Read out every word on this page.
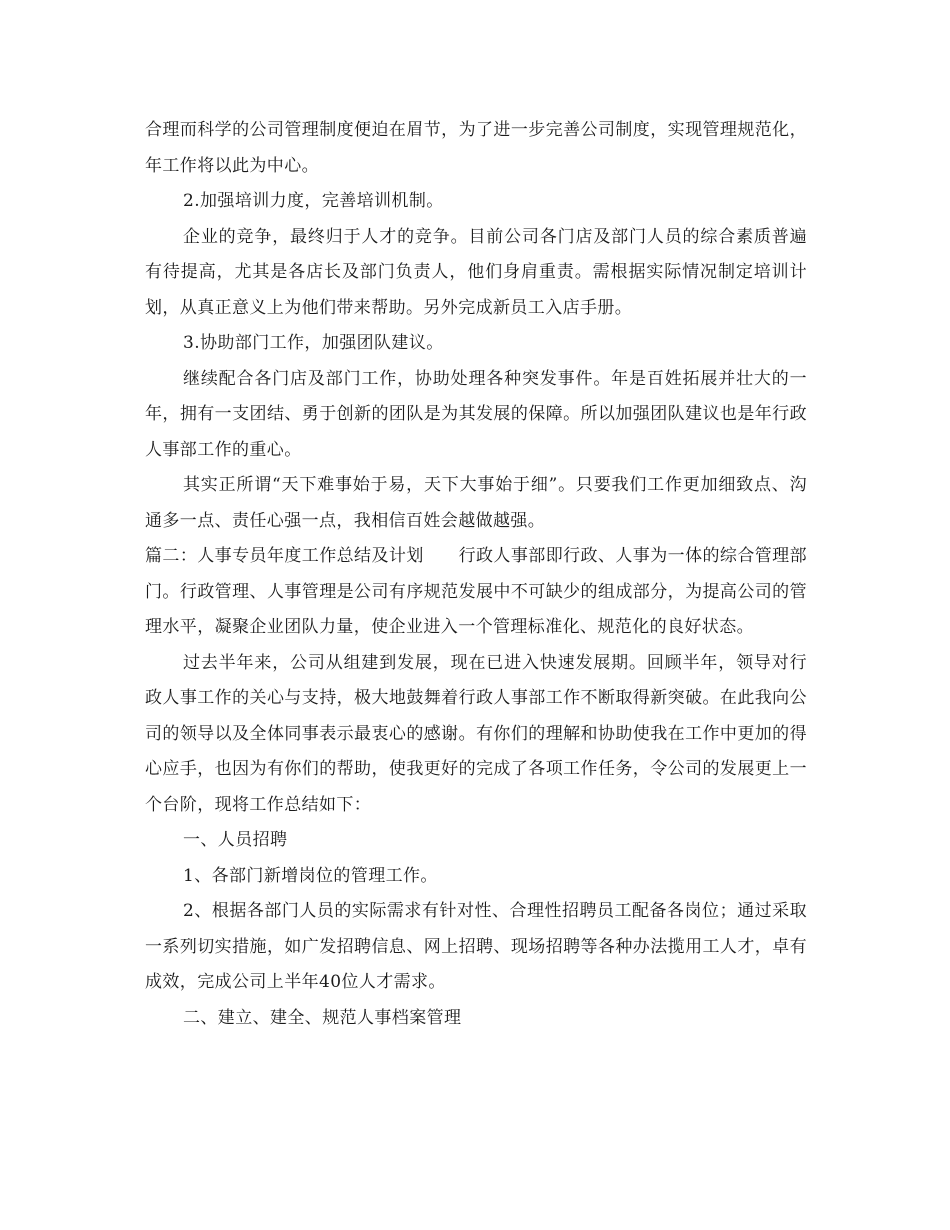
合理而科学的公司管理制度便迫在眉节，为了进一步完善公司制度，实现管理规范化，年工作将以此为中心。

2.加强培训力度，完善培训机制。

企业的竞争，最终归于人才的竞争。目前公司各门店及部门人员的综合素质普遍有待提高，尤其是各店长及部门负责人，他们身肩重责。需根据实际情况制定培训计划，从真正意义上为他们带来帮助。另外完成新员工入店手册。

3.协助部门工作，加强团队建议。

继续配合各门店及部门工作，协助处理各种突发事件。年是百姓拓展并壮大的一年，拥有一支团结、勇于创新的团队是为其发展的保障。所以加强团队建议也是年行政人事部工作的重心。

其实正所谓“天下难事始于易，天下大事始于细”。只要我们工作更加细致点、沟通多一点、责任心强一点，我相信百姓会越做越强。

篇二：人事专员年度工作总结及计划　　行政人事部即行政、人事为一体的综合管理部门。行政管理、人事管理是公司有序规范发展中不可缺少的组成部分，为提高公司的管理水平，凝聚企业团队力量，使企业进入一个管理标准化、规范化的良好状态。

过去半年来，公司从组建到发展，现在已进入快速发展期。回顾半年，领导对行政人事工作的关心与支持，极大地鼓舞着行政人事部工作不断取得新突破。在此我向公司的领导以及全体同事表示最衷心的感谢。有你们的理解和协助使我在工作中更加的得心应手，也因为有你们的帮助，使我更好的完成了各项工作任务，令公司的发展更上一个台阶，现将工作总结如下：

一、人员招聘

1、各部门新增岗位的管理工作。

2、根据各部门人员的实际需求有针对性、合理性招聘员工配备各岗位；通过采取一系列切实措施，如广发招聘信息、网上招聘、现场招聘等各种办法揽用工人才，卓有成效，完成公司上半年40位人才需求。

二、建立、建全、规范人事档案管理
